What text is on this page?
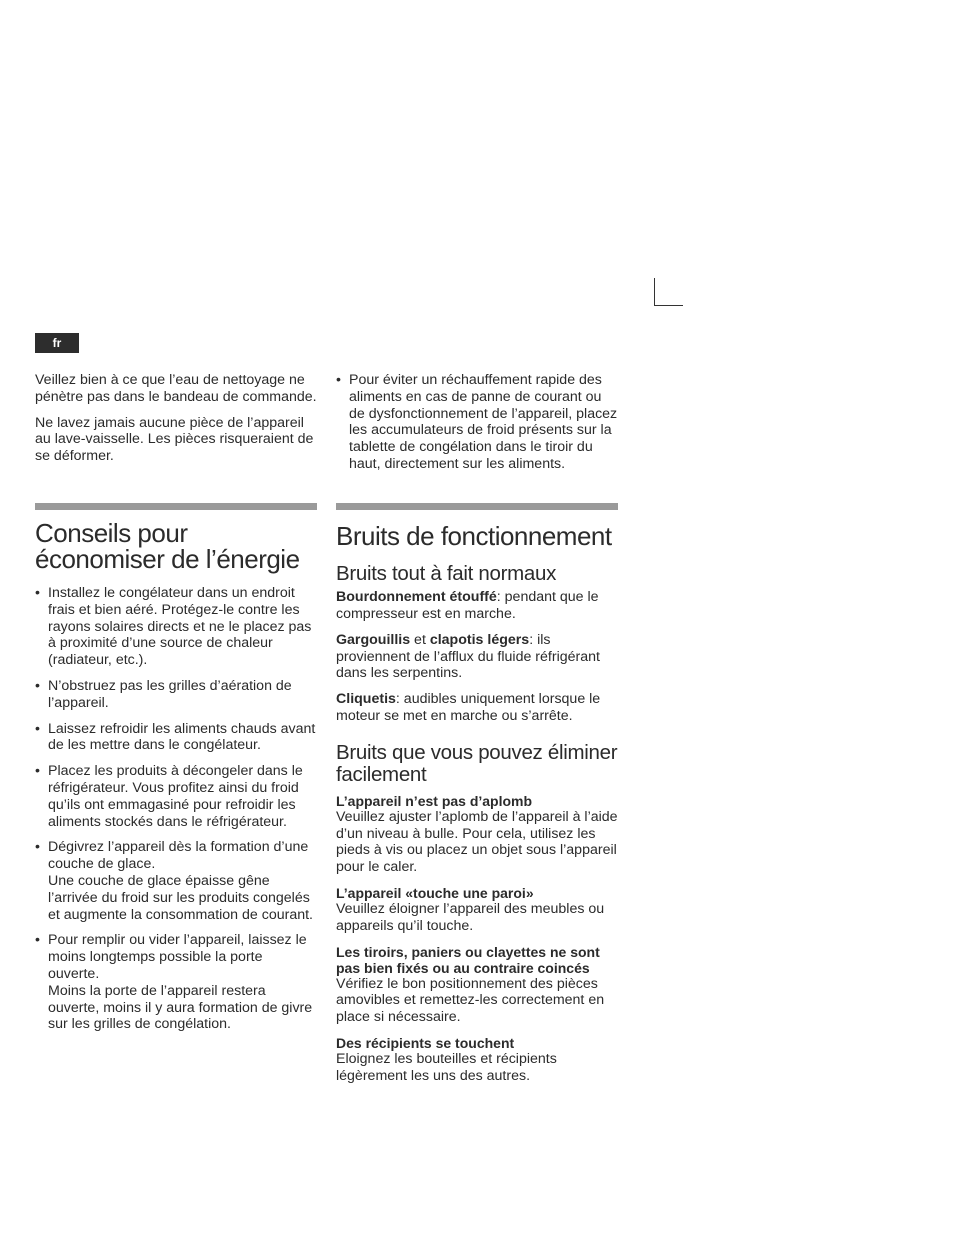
fr

Veillez bien à ce que l’eau de nettoyage ne pénètre pas dans le bandeau de commande.

Ne lavez jamais aucune pièce de l’appareil au lave-vaisselle. Les pièces risqueraient de se déformer.

Conseils pour économiser de l’énergie
• Installez le congélateur dans un endroit frais et bien aéré. Protégez-le contre les rayons solaires directs et ne le placez pas à proximité d’une source de chaleur (radiateur, etc.).
• N’obstruez pas les grilles d’aération de l’appareil.
• Laissez refroidir les aliments chauds avant de les mettre dans le congélateur.
• Placez les produits à décongeler dans le réfrigérateur. Vous profitez ainsi du froid qu’ils ont emmagasiné pour refroidir les aliments stockés dans le réfrigérateur.
• Dégivrez l’appareil dès la formation d’une couche de glace.
Une couche de glace épaisse gêne l’arrivée du froid sur les produits congelés et augmente la consommation de courant.
• Pour remplir ou vider l’appareil, laissez le moins longtemps possible la porte ouverte.
Moins la porte de l’appareil restera ouverte, moins il y aura formation de givre sur les grilles de congélation.
• Pour éviter un réchauffement rapide des aliments en cas de panne de courant ou de dysfonctionnement de l’appareil, placez les accumulateurs de froid présents sur la tablette de congélation dans le tiroir du haut, directement sur les aliments.
Bruits de fonctionnement
Bruits tout à fait normaux

Bourdonnement étouffé: pendant que le compresseur est en marche.

Gargouillis et clapotis légers: ils proviennent de l’afflux du fluide réfrigérant dans les serpentins.

Cliquetis: audibles uniquement lorsque le moteur se met en marche ou s’arrête.

Bruits que vous pouvez éliminer facilement
L’appareil n’est pas d’aplomb

Veuillez ajuster l’aplomb de l’appareil à l’aide d’un niveau à bulle. Pour cela, utilisez les pieds à vis ou placez un objet sous l’appareil pour le caler.

L’appareil «touche une paroi»

Veuillez éloigner l’appareil des meubles ou appareils qu’il touche.

Les tiroirs, paniers ou clayettes ne sont pas bien fixés ou au contraire coincés

Vérifiez le bon positionnement des pièces amovibles et remettez-les correctement en place si nécessaire.

Des récipients se touchent

Eloignez les bouteilles et récipients légèrement les uns des autres.
